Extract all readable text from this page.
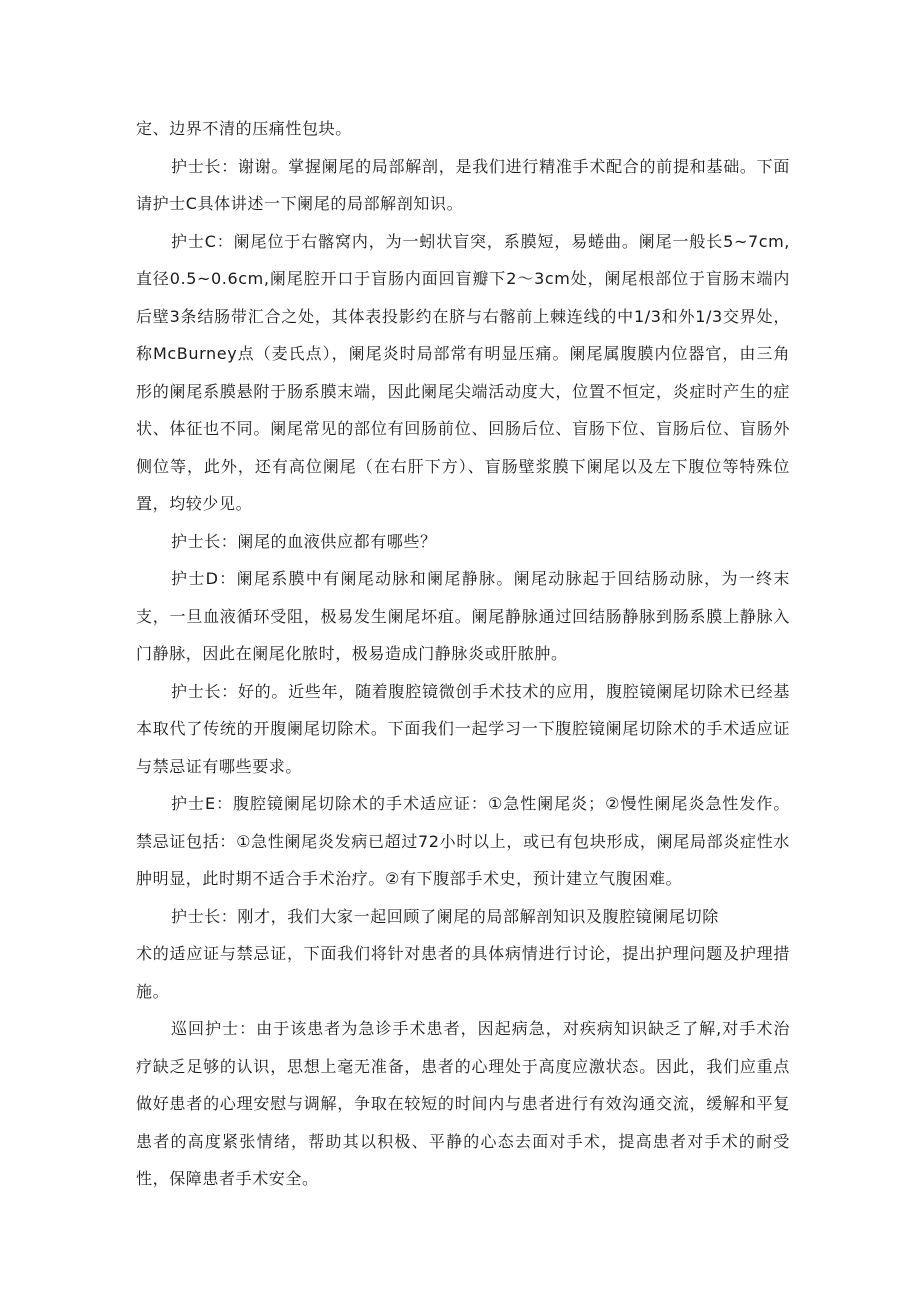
定、边界不清的压痛性包块。

护士长：谢谢。掌握阑尾的局部解剖，是我们进行精准手术配合的前提和基础。下面请护士C具体讲述一下阑尾的局部解剖知识。

护士C：阑尾位于右髂窝内，为一蚓状盲突，系膜短，易蜷曲。阑尾一般长5~7cm,直径0.5~0.6cm,阑尾腔开口于盲肠内面回盲瓣下2～3cm处，阑尾根部位于盲肠末端内后壁3条结肠带汇合之处，其体表投影约在脐与右髂前上棘连线的中1/3和外1/3交界处，称McBurney点（麦氏点），阑尾炎时局部常有明显压痛。阑尾属腹膜内位器官，由三角形的阑尾系膜悬附于肠系膜末端，因此阑尾尖端活动度大，位置不恒定，炎症时产生的症状、体征也不同。阑尾常见的部位有回肠前位、回肠后位、盲肠下位、盲肠后位、盲肠外侧位等，此外，还有高位阑尾（在右肝下方）、盲肠壁浆膜下阑尾以及左下腹位等特殊位置，均较少见。

护士长：阑尾的血液供应都有哪些？

护士D：阑尾系膜中有阑尾动脉和阑尾静脉。阑尾动脉起于回结肠动脉，为一终末支，一旦血液循环受阻，极易发生阑尾坏疽。阑尾静脉通过回结肠静脉到肠系膜上静脉入门静脉，因此在阑尾化脓时，极易造成门静脉炎或肝脓肿。

护士长：好的。近些年，随着腹腔镜微创手术技术的应用，腹腔镜阑尾切除术已经基本取代了传统的开腹阑尾切除术。下面我们一起学习一下腹腔镜阑尾切除术的手术适应证与禁忌证有哪些要求。

护士E：腹腔镜阑尾切除术的手术适应证：①急性阑尾炎；②慢性阑尾炎急性发作。禁忌证包括：①急性阑尾炎发病已超过72小时以上，或已有包块形成，阑尾局部炎症性水肿明显，此时期不适合手术治疗。②有下腹部手术史，预计建立气腹困难。

护士长：刚才，我们大家一起回顾了阑尾的局部解剖知识及腹腔镜阑尾切除

术的适应证与禁忌证，下面我们将针对患者的具体病情进行讨论，提出护理问题及护理措施。

巡回护士：由于该患者为急诊手术患者，因起病急，对疾病知识缺乏了解,对手术治疗缺乏足够的认识，思想上毫无准备，患者的心理处于高度应激状态。因此，我们应重点做好患者的心理安慰与调解，争取在较短的时间内与患者进行有效沟通交流，缓解和平复患者的高度紧张情绪，帮助其以积极、平静的心态去面对手术，提高患者对手术的耐受性，保障患者手术安全。
